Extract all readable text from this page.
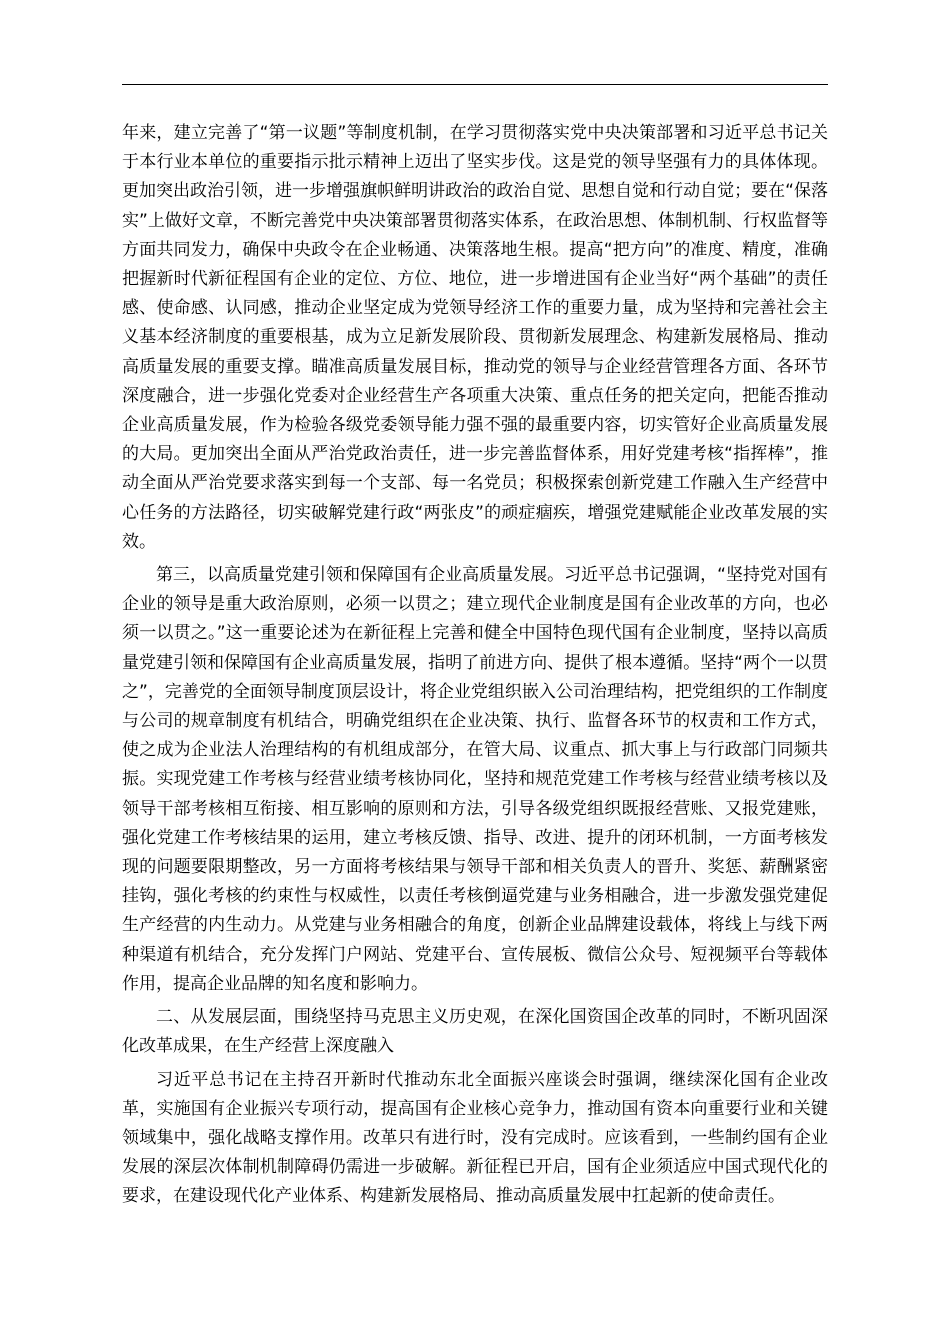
年来，建立完善了“第一议题”等制度机制，在学习贯彻落实党中央决策部署和习近平总书记关于本行业本单位的重要指示批示精神上迈出了坚实步伐。这是党的领导坚强有力的具体体现。更加突出政治引领，进一步增强旗帜鲜明讲政治的政治自觉、思想自觉和行动自觉；要在“保落实”上做好文章，不断完善党中央决策部署贯彻落实体系，在政治思想、体制机制、行权监督等方面共同发力，确保中央政令在企业畅通、决策落地生根。提高“把方向”的准度、精度，准确把握新时代新征程国有企业的定位、方位、地位，进一步增进国有企业当好“两个基础”的责任感、使命感、认同感，推动企业坚定成为党领导经济工作的重要力量，成为坚持和完善社会主义基本经济制度的重要根基，成为立足新发展阶段、贯彻新发展理念、构建新发展格局、推动高质量发展的重要支撑。瞄准高质量发展目标，推动党的领导与企业经营管理各方面、各环节深度融合，进一步强化党委对企业经营生产各项重大决策、重点任务的把关定向，把能否推动企业高质量发展，作为检验各级党委领导能力强不强的最重要内容，切实管好企业高质量发展的大局。更加突出全面从严治党政治责任，进一步完善监督体系，用好党建考核“指挥棒”，推动全面从严治党要求落实到每一个支部、每一名党员；积极探索创新党建工作融入生产经营中心任务的方法路径，切实破解党建行政“两张皮”的顽症痼疾，增强党建赋能企业改革发展的实效。

第三，以高质量党建引领和保障国有企业高质量发展。习近平总书记强调，“坚持党对国有企业的领导是重大政治原则，必须一以贯之；建立现代企业制度是国有企业改革的方向，也必须一以贯之。”这一重要论述为在新征程上完善和健全中国特色现代国有企业制度，坚持以高质量党建引领和保障国有企业高质量发展，指明了前进方向、提供了根本遵循。坚持“两个一以贯之”，完善党的全面领导制度顶层设计，将企业党组织嵌入公司治理结构，把党组织的工作制度与公司的规章制度有机结合，明确党组织在企业决策、执行、监督各环节的权责和工作方式，使之成为企业法人治理结构的有机组成部分，在管大局、议重点、抓大事上与行政部门同频共振。实现党建工作考核与经营业绩考核协同化，坚持和规范党建工作考核与经营业绩考核以及领导干部考核相互衔接、相互影响的原则和方法，引导各级党组织既报经营账、又报党建账，强化党建工作考核结果的运用，建立考核反馈、指导、改进、提升的闭环机制，一方面考核发现的问题要限期整改，另一方面将考核结果与领导干部和相关负责人的晋升、奖惩、薪酬紧密挂钩，强化考核的约束性与权威性，以责任考核倒逼党建与业务相融合，进一步激发强党建促生产经营的内生动力。从党建与业务相融合的角度，创新企业品牌建设载体，将线上与线下两种渠道有机结合，充分发挥门户网站、党建平台、宣传展板、微信公众号、短视频平台等载体作用，提高企业品牌的知名度和影响力。

二、从发展层面，围绕坚持马克思主义历史观，在深化国资国企改革的同时，不断巩固深化改革成果，在生产经营上深度融入

习近平总书记在主持召开新时代推动东北全面振兴座谈会时强调，继续深化国有企业改革，实施国有企业振兴专项行动，提高国有企业核心竞争力，推动国有资本向重要行业和关键领域集中，强化战略支撑作用。改革只有进行时，没有完成时。应该看到，一些制约国有企业发展的深层次体制机制障碍仍需进一步破解。新征程已开启，国有企业须适应中国式现代化的要求，在建设现代化产业体系、构建新发展格局、推动高质量发展中扛起新的使命责任。
